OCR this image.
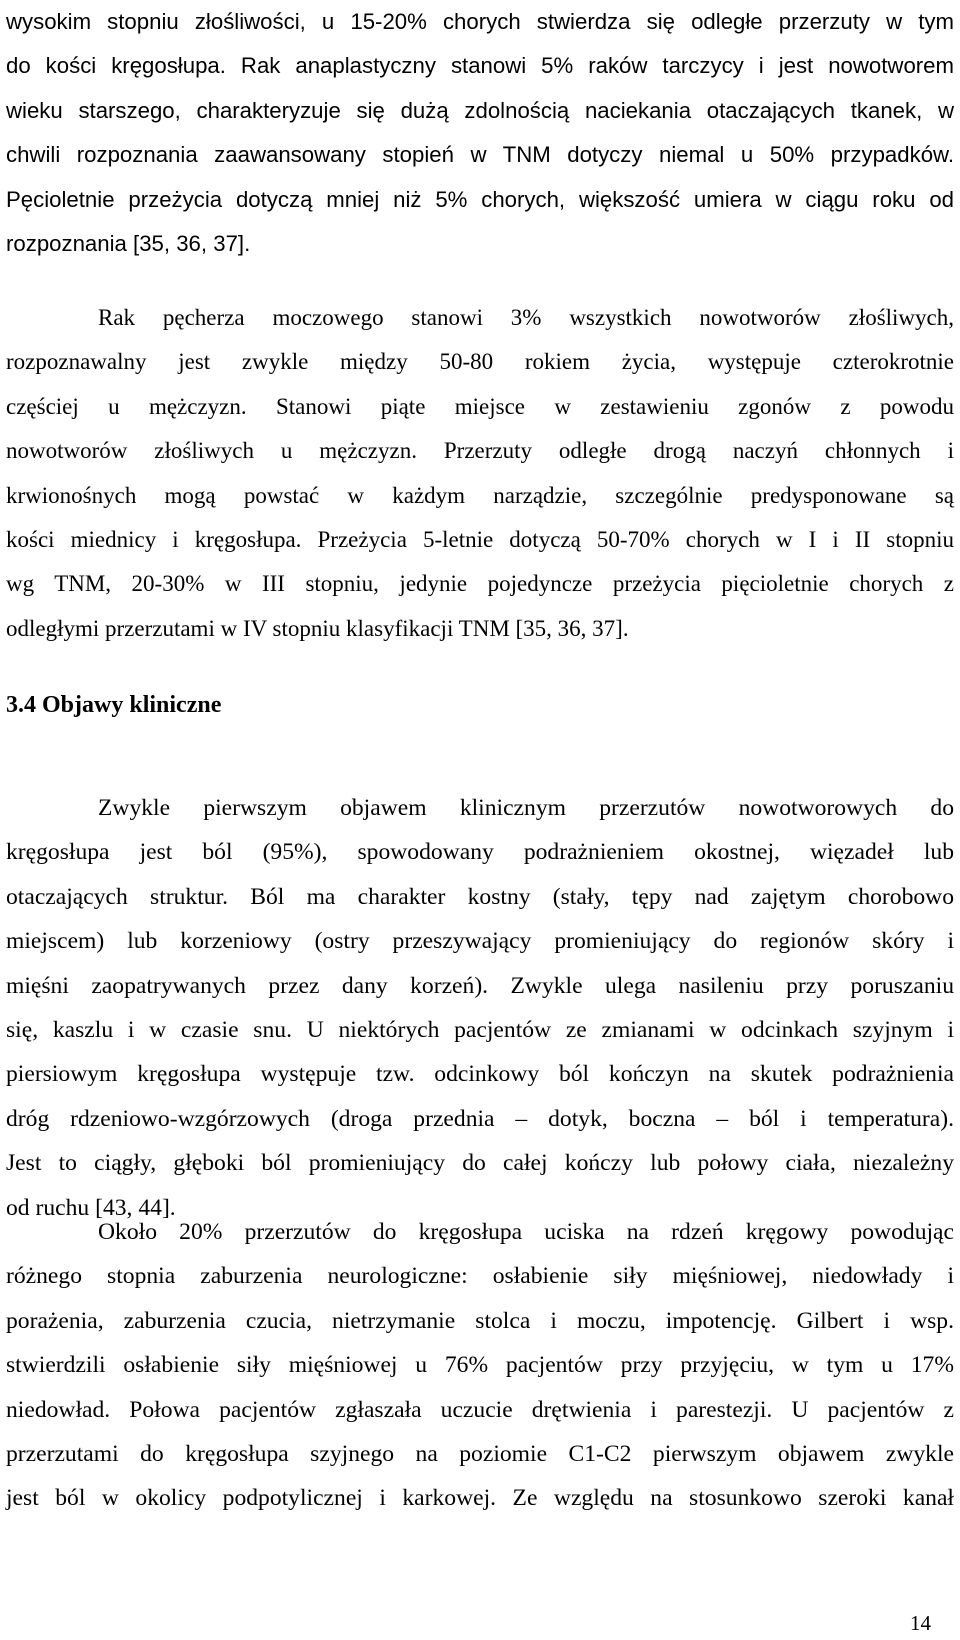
wysokim stopniu złośliwości, u 15-20% chorych stwierdza się odległe przerzuty w tym
do kości kręgosłupa. Rak anaplastyczny stanowi 5% raków tarczycy i jest nowotworem
wieku starszego, charakteryzuje się dużą zdolnością naciekania otaczających tkanek, w
chwili rozpoznania zaawansowany stopień w TNM dotyczy niemal u 50% przypadków.
Pęcioletnie przeżycia dotyczą mniej niż 5% chorych, większość umiera w ciągu roku od
rozpoznania [35, 36, 37].
Rak pęcherza moczowego stanowi 3% wszystkich nowotworów złośliwych,
rozpoznawalny jest zwykle między 50-80 rokiem życia, występuje czterokrotnie
częściej u mężczyzn. Stanowi piąte miejsce w zestawieniu zgonów z powodu
nowotworów złośliwych u mężczyzn. Przerzuty odległe drogą naczyń chłonnych i
krwionośnych mogą powstać w każdym narządzie, szczególnie predysponowane są
kości miednicy i kręgosłupa. Przeżycia 5-letnie dotyczą 50-70% chorych w I i II stopniu
wg TNM, 20-30% w III stopniu, jedynie pojedyncze przeżycia pięcioletnie chorych z
odległymi przerzutami w IV stopniu klasyfikacji TNM [35, 36, 37].
3.4 Objawy kliniczne
Zwykle pierwszym objawem klinicznym przerzutów nowotworowych do
kręgosłupa jest ból (95%), spowodowany podrażnieniem okostnej, więzadeł lub
otaczających struktur. Ból ma charakter kostny (stały, tępy nad zajętym chorobowo
miejscem) lub korzeniowy (ostry przeszywający promieniujący do regionów skóry i
mięśni zaopatrywanych przez dany korzeń). Zwykle ulega nasileniu przy poruszaniu
się, kaszlu i w czasie snu. U niektórych pacjentów ze zmianami w odcinkach szyjnym i
piersiowym kręgosłupa występuje tzw. odcinkowy ból kończyn na skutek podrażnienia
dróg rdzeniowo-wzgórzowych (droga przednia – dotyk, boczna – ból i temperatura).
Jest to ciągły, głęboki ból promieniujący do całej kończy lub połowy ciała, niezależny
od ruchu [43, 44].
Około 20% przerzutów do kręgosłupa uciska na rdzeń kręgowy powodując
różnego stopnia zaburzenia neurologiczne: osłabienie siły mięśniowej, niedowłady i
porażenia, zaburzenia czucia, nietrzymanie stolca i moczu, impotencję. Gilbert i wsp.
stwierdzili osłabienie siły mięśniowej u 76% pacjentów przy przyjęciu, w tym u 17%
niedowład. Połowa pacjentów zgłaszała uczucie drętwienia i parestezji. U pacjentów z
przerzutami do kręgosłupa szyjnego na poziomie C1-C2 pierwszym objawem zwykle
jest ból w okolicy podpotylicznej i karkowej. Ze względu na stosunkowo szeroki kanał
14
